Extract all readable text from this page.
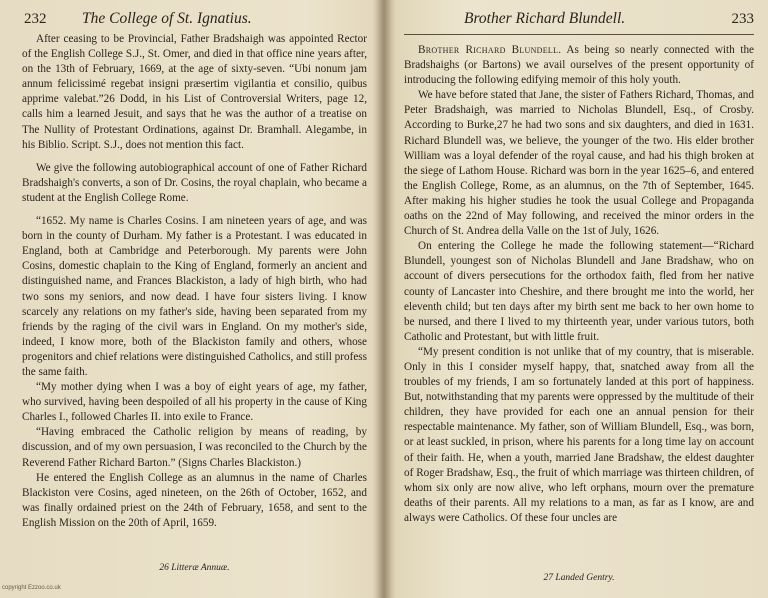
232 The College of St. Ignatius.

After ceasing to be Provincial, Father Bradshaigh was appointed Rector of the English College S.J., St. Omer, and died in that office nine years after, on the 13th of February, 1669, at the age of sixty-seven. “Ubi nonum jam annum felicissimé regebat insigni præsertim vigilantia et consilio, quibus apprime valebat.”26 Dodd, in his List of Controversial Writers, page 12, calls him a learned Jesuit, and says that he was the author of a treatise on The Nullity of Protestant Ordinations, against Dr. Bramhall. Alegambe, in his Biblio. Script. S.J., does not mention this fact.

We give the following autobiographical account of one of Father Richard Bradshaigh's converts, a son of Dr. Cosins, the royal chaplain, who became a student at the English College Rome.

“1652. My name is Charles Cosins. I am nineteen years of age, and was born in the county of Durham. My father is a Protestant. I was educated in England, both at Cambridge and Peterborough. My parents were John Cosins, domestic chaplain to the King of England, formerly an ancient and distinguished name, and Frances Blackiston, a lady of high birth, who had two sons my seniors, and now dead. I have four sisters living. I know scarcely any relations on my father's side, having been separated from my friends by the raging of the civil wars in England. On my mother's side, indeed, I know more, both of the Blackiston family and others, whose progenitors and chief relations were distinguished Catholics, and still profess the same faith.

“My mother dying when I was a boy of eight years of age, my father, who survived, having been despoiled of all his property in the cause of King Charles I., followed Charles II. into exile to France.

“Having embraced the Catholic religion by means of reading, by discussion, and of my own persuasion, I was reconciled to the Church by the Reverend Father Richard Barton.” (Signs Charles Blackiston.)

He entered the English College as an alumnus in the name of Charles Blackiston vere Cosins, aged nineteen, on the 26th of October, 1652, and was finally ordained priest on the 24th of February, 1658, and sent to the English Mission on the 20th of April, 1659.

26 Litteræ Annuæ.
Brother Richard Blundell.	233

Brother Richard Blundell. As being so nearly connected with the Bradshaighs (or Bartons) we avail ourselves of the present opportunity of introducing the following edifying memoir of this holy youth.

We have before stated that Jane, the sister of Fathers Richard, Thomas, and Peter Bradshaigh, was married to Nicholas Blundell, Esq., of Crosby. According to Burke,27 he had two sons and six daughters, and died in 1631. Richard Blundell was, we believe, the younger of the two. His elder brother William was a loyal defender of the royal cause, and had his thigh broken at the siege of Lathom House. Richard was born in the year 1625–6, and entered the English College, Rome, as an alumnus, on the 7th of September, 1645. After making his higher studies he took the usual College and Propaganda oaths on the 22nd of May following, and received the minor orders in the Church of St. Andrea della Valle on the 1st of July, 1626.

On entering the College he made the following statement—“Richard Blundell, youngest son of Nicholas Blundell and Jane Bradshaw, who on account of divers persecutions for the orthodox faith, fled from her native county of Lancaster into Cheshire, and there brought me into the world, her eleventh child; but ten days after my birth sent me back to her own home to be nursed, and there I lived to my thirteenth year, under various tutors, both Catholic and Protestant, but with little fruit.

“My present condition is not unlike that of my country, that is miserable. Only in this I consider myself happy, that, snatched away from all the troubles of my friends, I am so fortunately landed at this port of happiness. But, notwithstanding that my parents were oppressed by the multitude of their children, they have provided for each one an annual pension for their respectable maintenance. My father, son of William Blundell, Esq., was born, or at least suckled, in prison, where his parents for a long time lay on account of their faith. He, when a youth, married Jane Bradshaw, the eldest daughter of Roger Bradshaw, Esq., the fruit of which marriage was thirteen children, of whom six only are now alive, who left orphans, mourn over the premature deaths of their parents. All my relations to a man, as far as I know, are and always were Catholics. Of these four uncles are

27 Landed Gentry.
copyright Ezzoo.co.uk
